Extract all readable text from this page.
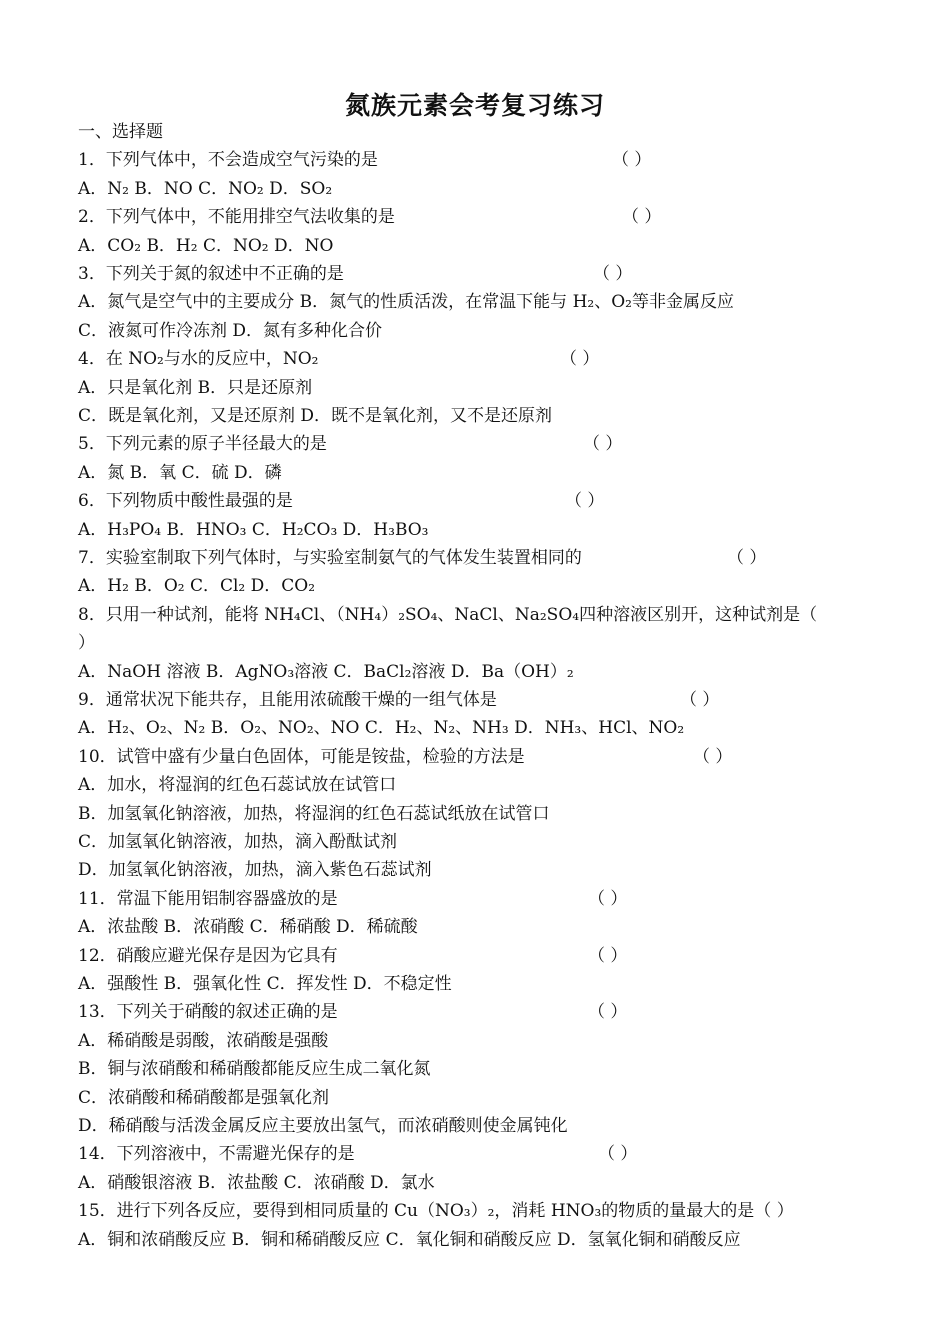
氮族元素会考复习练习
一、选择题
1．下列气体中，不会造成空气污染的是	（ ）
A．N₂ B．NO C．NO₂ D．SO₂
2．下列气体中，不能用排空气法收集的是	（ ）
A．CO₂ B．H₂ C．NO₂ D．NO
3．下列关于氮的叙述中不正确的是	（ ）
A．氮气是空气中的主要成分 B．氮气的性质活泼，在常温下能与 H₂、O₂等非金属反应
C．液氮可作冷冻剂 D．氮有多种化合价
4．在 NO₂与水的反应中，NO₂	（ ）
A．只是氧化剂 B．只是还原剂
C．既是氧化剂，又是还原剂 D．既不是氧化剂，又不是还原剂
5．下列元素的原子半径最大的是	（ ）
A．氮 B．氧 C．硫 D．磷
6．下列物质中酸性最强的是	（ ）
A．H₃PO₄ B．HNO₃ C．H₂CO₃ D．H₃BO₃
7．实验室制取下列气体时，与实验室制氨气的气体发生装置相同的	（ ）
A．H₂ B．O₂ C．Cl₂ D．CO₂
8．只用一种试剂，能将 NH₄Cl、（NH₄）₂SO₄、NaCl、Na₂SO₄四种溶液区别开，这种试剂是（
）
A．NaOH 溶液 B．AgNO₃溶液 C．BaCl₂溶液 D．Ba（OH）₂
9．通常状况下能共存，且能用浓硫酸干燥的一组气体是	（ ）
A．H₂、O₂、N₂ B．O₂、NO₂、NO C．H₂、N₂、NH₃ D．NH₃、HCl、NO₂
10．试管中盛有少量白色固体，可能是铵盐，检验的方法是	（ ）
A．加水，将湿润的红色石蕊试放在试管口
B．加氢氧化钠溶液，加热，将湿润的红色石蕊试纸放在试管口
C．加氢氧化钠溶液，加热，滴入酚酞试剂
D．加氢氧化钠溶液，加热，滴入紫色石蕊试剂
11．常温下能用铝制容器盛放的是	（ ）
A．浓盐酸 B．浓硝酸 C．稀硝酸 D．稀硫酸
12．硝酸应避光保存是因为它具有	（ ）
A．强酸性 B．强氧化性 C．挥发性 D．不稳定性
13．下列关于硝酸的叙述正确的是	（ ）
A．稀硝酸是弱酸，浓硝酸是强酸
B．铜与浓硝酸和稀硝酸都能反应生成二氧化氮
C．浓硝酸和稀硝酸都是强氧化剂
D．稀硝酸与活泼金属反应主要放出氢气，而浓硝酸则使金属钝化
14．下列溶液中，不需避光保存的是	（ ）
A．硝酸银溶液 B．浓盐酸 C．浓硝酸 D．氯水
15．进行下列各反应，要得到相同质量的 Cu（NO₃）₂，消耗 HNO₃的物质的量最大的是（ ）
A．铜和浓硝酸反应 B．铜和稀硝酸反应 C．氧化铜和硝酸反应 D．氢氧化铜和硝酸反应
